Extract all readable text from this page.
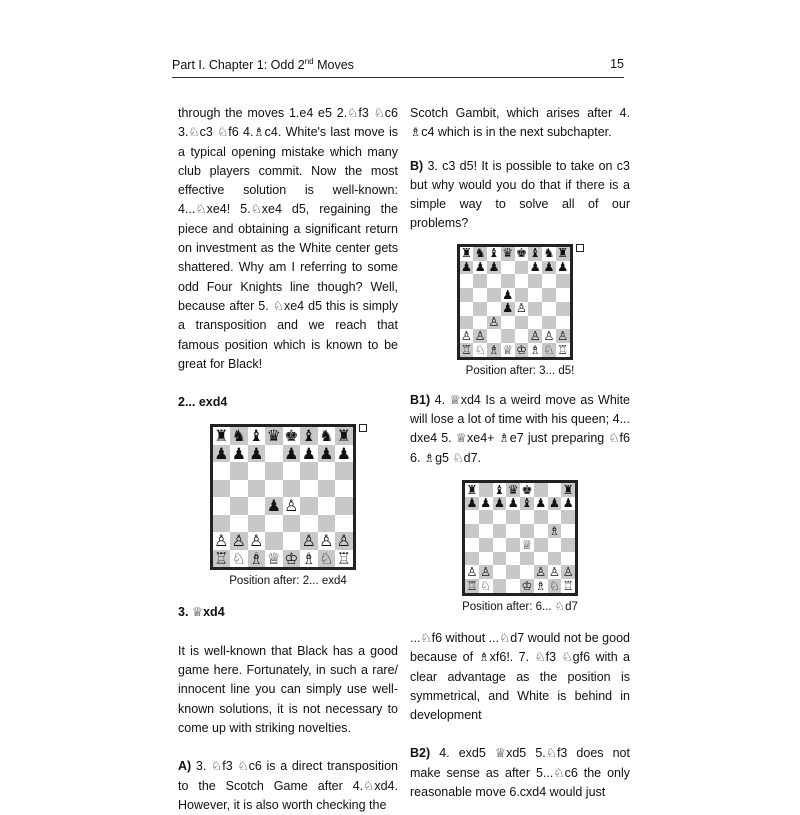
Part I. Chapter 1: Odd 2nd Moves	15

through the moves 1.e4 e5 2.♘f3 ♘c6 3.♘c3 ♘f6 4.♗c4. White's last move is a typical opening mistake which many club players commit. Now the most effective solution is well-known: 4...♘xe4! 5.♘xe4 d5, regaining the piece and obtaining a significant return on investment as the White center gets shattered. Why am I referring to some odd Four Knights line though? Well, because after 5. ♘xe4 d5 this is simply a transposition and we reach that famous position which is known to be great for Black!

2... exd4

♜ ♞ ♝ ♛ ♚ ♝ ♞ ♜
♟ ♟ ♟ ♟ ♟ ♟ ♟
♟ ♙
♙ ♙ ♙ ♙ ♙ ♙
♖ ♘ ♗ ♕ ♔ ♗ ♘ ♖
Position after: 2... exd4

3. ♕xd4

It is well-known that Black has a good game here. Fortunately, in such a rare/ innocent line you can simply use well-known solutions, it is not necessary to come up with striking novelties.

A) 3. ♘f3 ♘c6 is a direct transposition to the Scotch Game after 4.♘xd4. However, it is also worth checking the

Scotch Gambit, which arises after 4. ♗c4 which is in the next subchapter.

B) 3. c3 d5! It is possible to take on c3 but why would you do that if there is a simple way to solve all of our problems?

♜ ♞ ♝ ♛ ♚ ♝ ♞ ♜
♟ ♟ ♟ ♟ ♟ ♟
♟
♟ ♙
♙
♙ ♙	♙ ♙ ♙
♖ ♘ ♗ ♕ ♔ ♗ ♘ ♖
Position after: 3... d5!

B1) 4. ♕xd4 Is a weird move as White will lose a lot of time with his queen; 4... dxe4 5. ♕xe4+ ♗e7 just preparing ♘f6 6. ♗g5 ♘d7.

♜ ♝ ♛ ♚ ♜
♟ ♟ ♟ ♟ ♝ ♟ ♟ ♟
♗
♕
♙ ♙	♙ ♙ ♙
♖ ♘ ♔ ♗ ♘ ♖
Position after: 6... ♘d7

...♘f6 without ...♘d7 would not be good because of ♗xf6!. 7. ♘f3 ♘gf6 with a clear advantage as the position is symmetrical, and White is behind in development

B2) 4. exd5 ♕xd5 5.♘f3 does not make sense as after 5...♘c6 the only reasonable move 6.cxd4 would just
